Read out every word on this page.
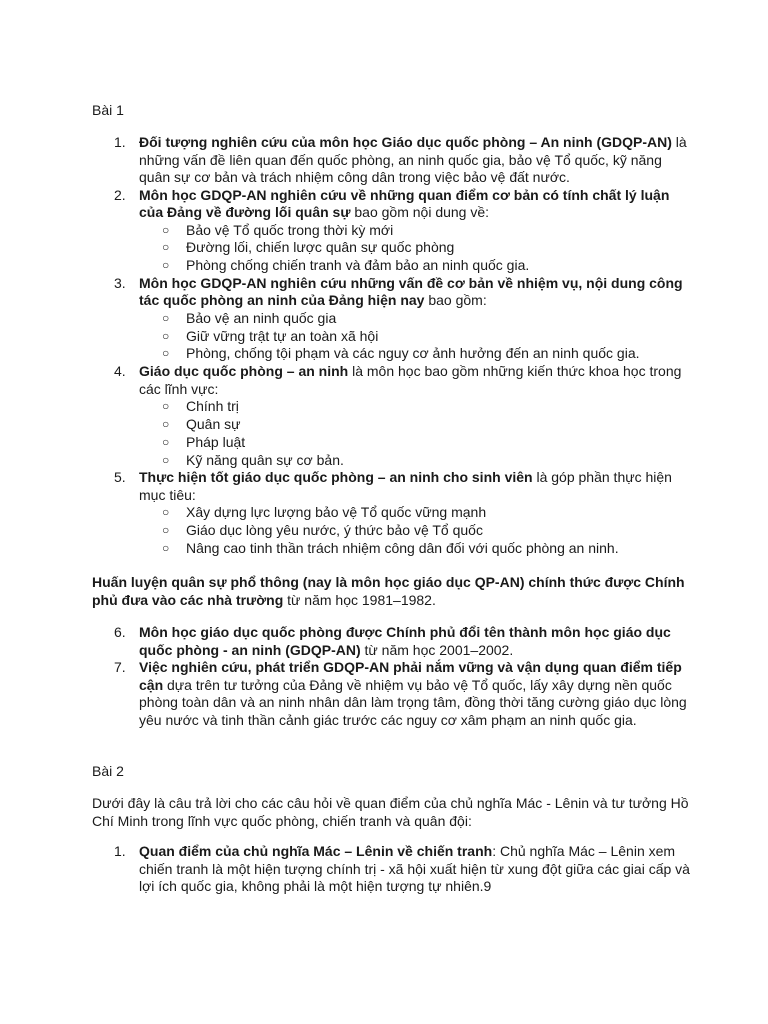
Bài 1

1. Đối tượng nghiên cứu của môn học Giáo dục quốc phòng – An ninh (GDQP-AN) là những vấn đề liên quan đến quốc phòng, an ninh quốc gia, bảo vệ Tổ quốc, kỹ năng quân sự cơ bản và trách nhiệm công dân trong việc bảo vệ đất nước.
2. Môn học GDQP-AN nghiên cứu về những quan điểm cơ bản có tính chất lý luận của Đảng về đường lối quân sự bao gồm nội dung về:
○ Bảo vệ Tổ quốc trong thời kỳ mới
○ Đường lối, chiến lược quân sự quốc phòng
○ Phòng chống chiến tranh và đảm bảo an ninh quốc gia.
3. Môn học GDQP-AN nghiên cứu những vấn đề cơ bản về nhiệm vụ, nội dung công tác quốc phòng an ninh của Đảng hiện nay bao gồm:
○ Bảo vệ an ninh quốc gia
○ Giữ vững trật tự an toàn xã hội
○ Phòng, chống tội phạm và các nguy cơ ảnh hưởng đến an ninh quốc gia.
4. Giáo dục quốc phòng – an ninh là môn học bao gồm những kiến thức khoa học trong các lĩnh vực:
○ Chính trị
○ Quân sự
○ Pháp luật
○ Kỹ năng quân sự cơ bản.
5. Thực hiện tốt giáo dục quốc phòng – an ninh cho sinh viên là góp phần thực hiện mục tiêu:
○ Xây dựng lực lượng bảo vệ Tổ quốc vững mạnh
○ Giáo dục lòng yêu nước, ý thức bảo vệ Tổ quốc
○ Nâng cao tinh thần trách nhiệm công dân đối với quốc phòng an ninh.

Huấn luyện quân sự phổ thông (nay là môn học giáo dục QP-AN) chính thức được Chính phủ đưa vào các nhà trường từ năm học 1981–1982.

6. Môn học giáo dục quốc phòng được Chính phủ đổi tên thành môn học giáo dục quốc phòng - an ninh (GDQP-AN) từ năm học 2001–2002.
7. Việc nghiên cứu, phát triển GDQP-AN phải nắm vững và vận dụng quan điểm tiếp cận dựa trên tư tưởng của Đảng về nhiệm vụ bảo vệ Tổ quốc, lấy xây dựng nền quốc phòng toàn dân và an ninh nhân dân làm trọng tâm, đồng thời tăng cường giáo dục lòng yêu nước và tinh thần cảnh giác trước các nguy cơ xâm phạm an ninh quốc gia.

Bài 2

Dưới đây là câu trả lời cho các câu hỏi về quan điểm của chủ nghĩa Mác - Lênin và tư tưởng Hồ Chí Minh trong lĩnh vực quốc phòng, chiến tranh và quân đội:

1. Quan điểm của chủ nghĩa Mác – Lênin về chiến tranh: Chủ nghĩa Mác – Lênin xem chiến tranh là một hiện tượng chính trị - xã hội xuất hiện từ xung đột giữa các giai cấp và lợi ích quốc gia, không phải là một hiện tượng tự nhiên.9
